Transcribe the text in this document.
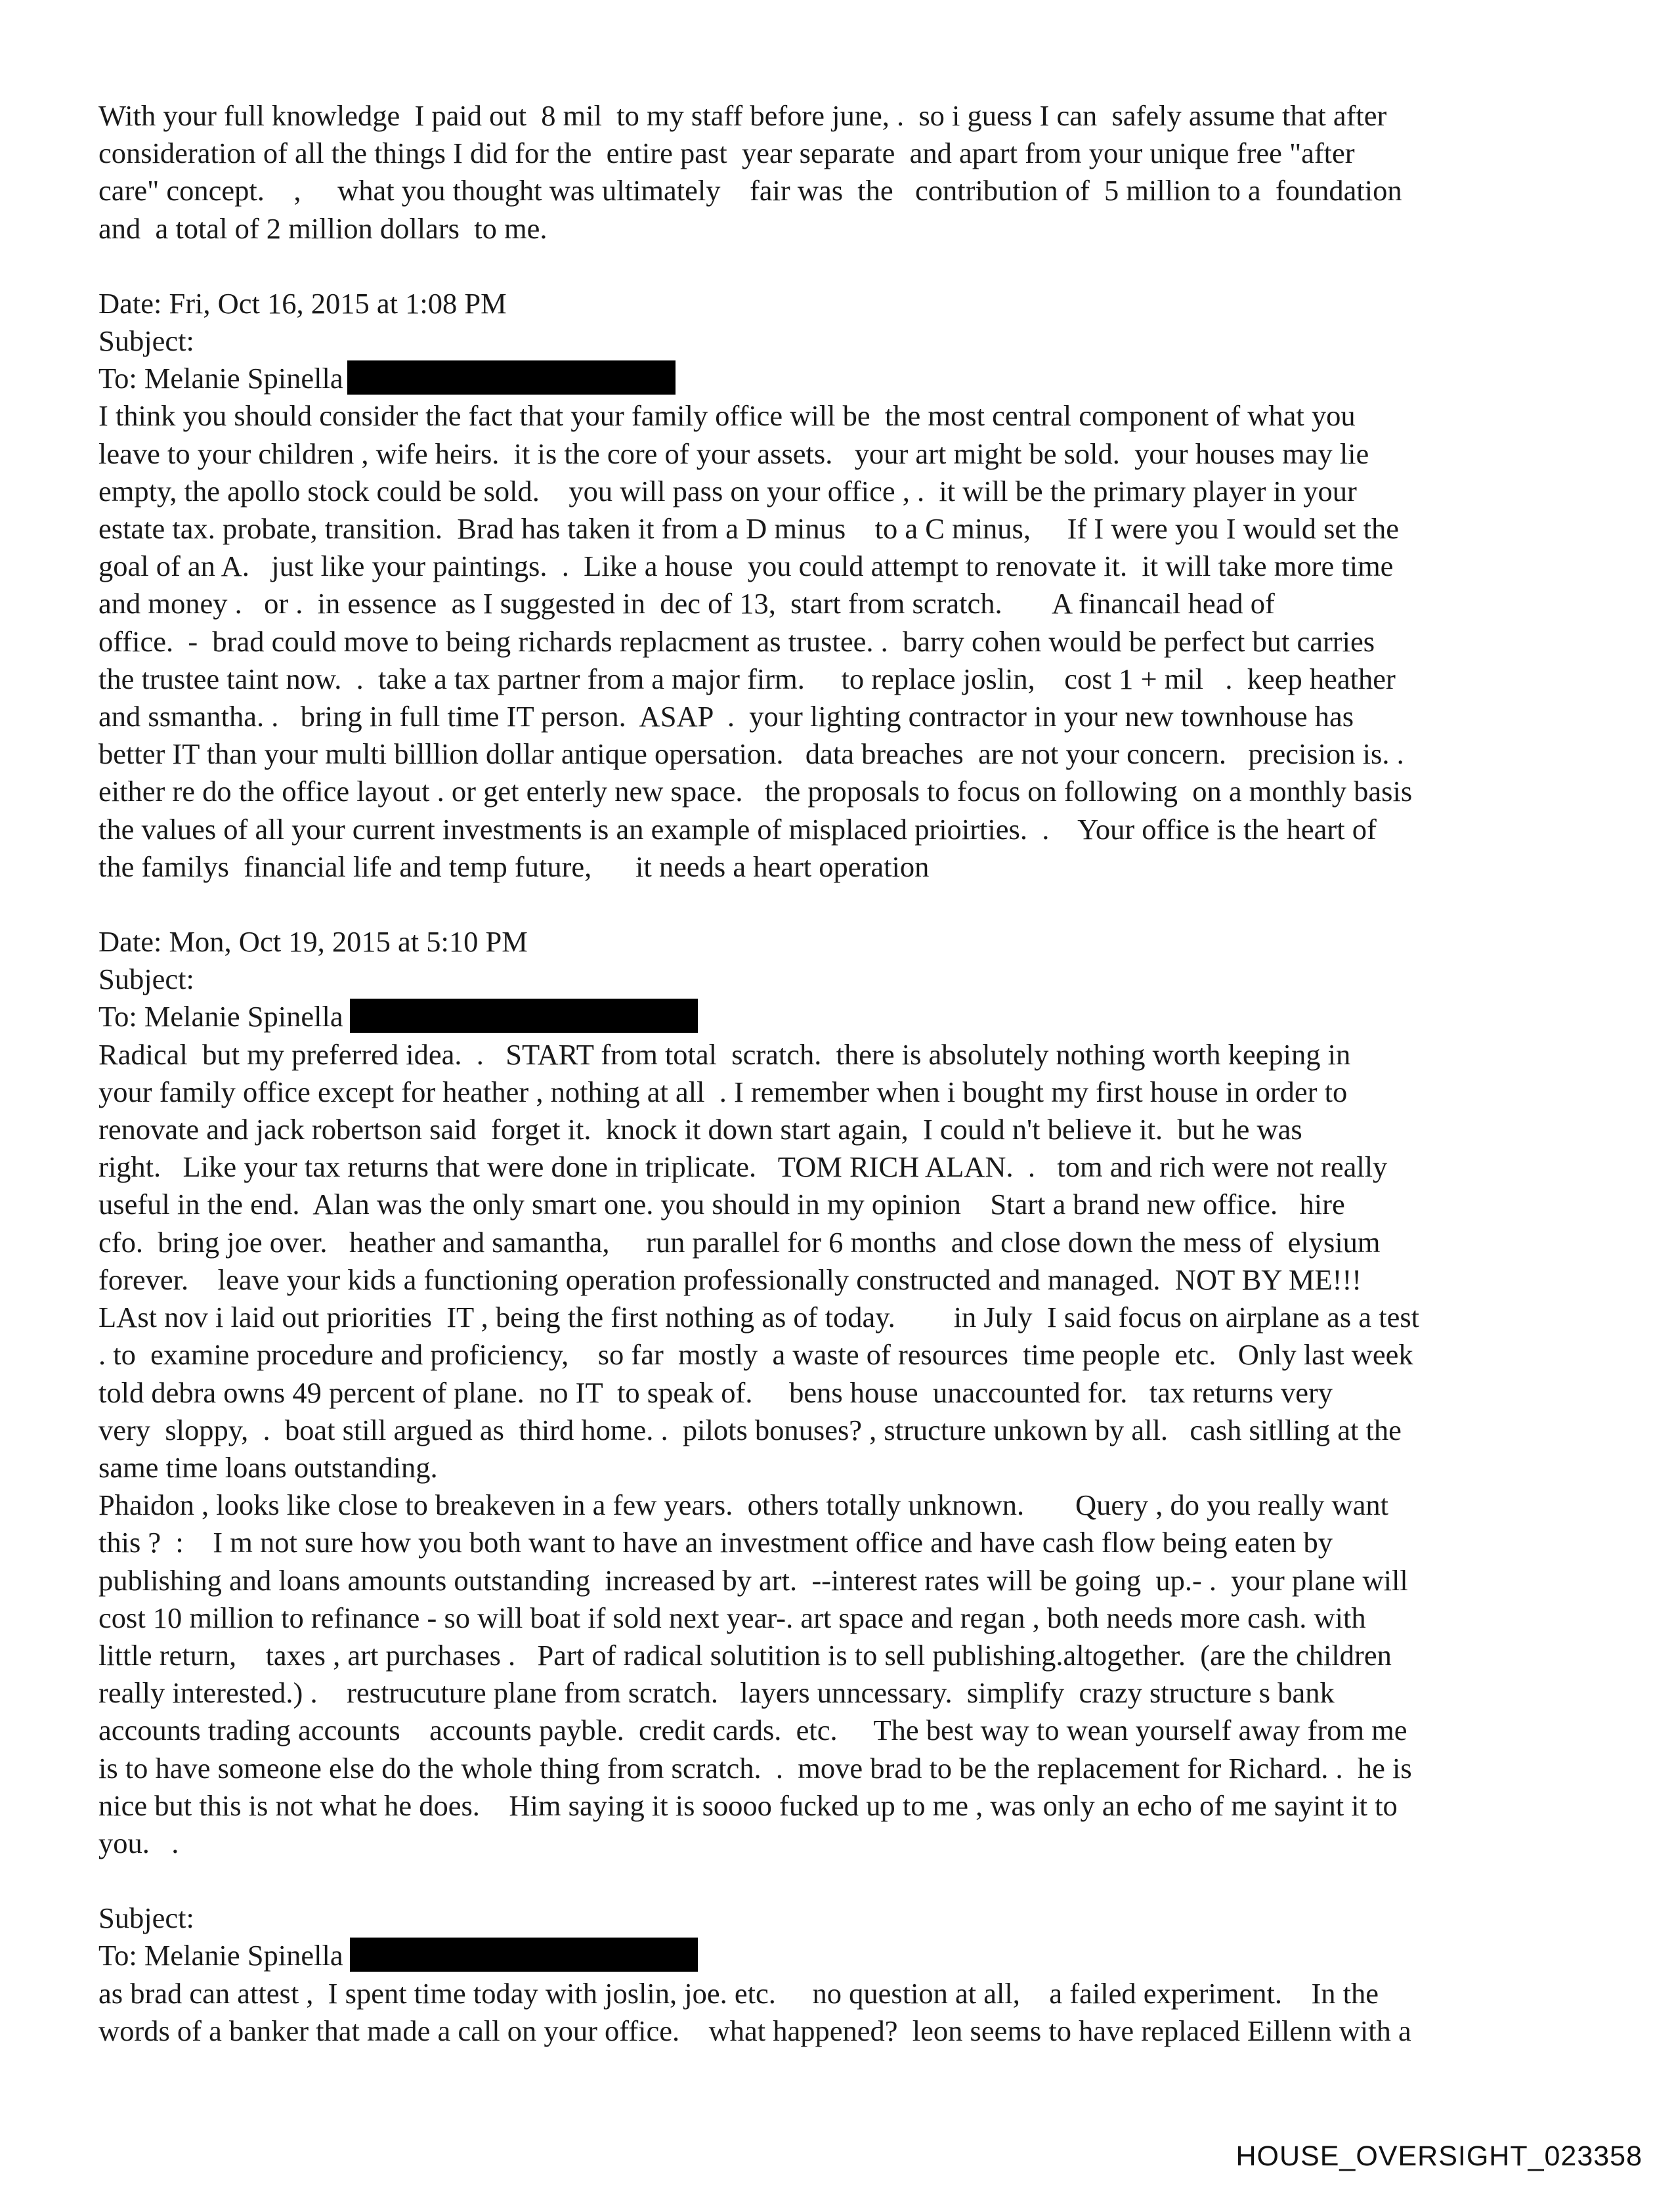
With your full knowledge  I paid out  8 mil  to my staff before june, .  so i guess I can  safely assume that after
consideration of all the things I did for the  entire past  year separate  and apart from your unique free "after
care" concept.    ,     what you thought was ultimately    fair was  the   contribution of  5 million to a  foundation
and  a total of 2 million dollars  to me.
Date: Fri, Oct 16, 2015 at 1:08 PM
Subject:
To: Melanie Spinella
I think you should consider the fact that your family office will be  the most central component of what you
leave to your children , wife heirs.  it is the core of your assets.   your art might be sold.  your houses may lie
empty, the apollo stock could be sold.    you will pass on your office , .  it will be the primary player in your
estate tax. probate, transition.  Brad has taken it from a D minus    to a C minus,     If I were you I would set the
goal of an A.   just like your paintings.  .  Like a house  you could attempt to renovate it.  it will take more time
and money .   or .  in essence  as I suggested in  dec of 13,  start from scratch.       A financail head of
office.  -  brad could move to being richards replacment as trustee. .  barry cohen would be perfect but carries
the trustee taint now.  .  take a tax partner from a major firm.     to replace joslin,    cost 1 + mil   .  keep heather
and ssmantha. .   bring in full time IT person.  ASAP  .  your lighting contractor in your new townhouse has
better IT than your multi billlion dollar antique opersation.   data breaches  are not your concern.   precision is. .
either re do the office layout . or get enterly new space.   the proposals to focus on following  on a monthly basis
the values of all your current investments is an example of misplaced prioirties.  .    Your office is the heart of
the familys  financial life and temp future,      it needs a heart operation
Date: Mon, Oct 19, 2015 at 5:10 PM
Subject:
To: Melanie Spinella
Radical  but my preferred idea.  .   START from total  scratch.  there is absolutely nothing worth keeping in
your family office except for heather , nothing at all  . I remember when i bought my first house in order to
renovate and jack robertson said  forget it.  knock it down start again,  I could n't believe it.  but he was
right.   Like your tax returns that were done in triplicate.   TOM RICH ALAN.  .   tom and rich were not really
useful in the end.  Alan was the only smart one. you should in my opinion    Start a brand new office.   hire
cfo.  bring joe over.   heather and samantha,     run parallel for 6 months  and close down the mess of  elysium
forever.    leave your kids a functioning operation professionally constructed and managed.  NOT BY ME!!!
LAst nov i laid out priorities  IT , being the first nothing as of today.        in July  I said focus on airplane as a test
. to  examine procedure and proficiency,    so far  mostly  a waste of resources  time people  etc.   Only last week
told debra owns 49 percent of plane.  no IT  to speak of.     bens house  unaccounted for.   tax returns very
very  sloppy,  .  boat still argued as  third home. .  pilots bonuses? , structure unkown by all.   cash sitlling at the
same time loans outstanding.
Phaidon , looks like close to breakeven in a few years.  others totally unknown.       Query , do you really want
this ?  :    I m not sure how you both want to have an investment office and have cash flow being eaten by
publishing and loans amounts outstanding  increased by art.  --interest rates will be going  up.- .  your plane will
cost 10 million to refinance - so will boat if sold next year-. art space and regan , both needs more cash. with
little return,    taxes , art purchases .   Part of radical solutition is to sell publishing.altogether.  (are the children
really interested.) .    restrucuture plane from scratch.   layers unncessary.  simplify  crazy structure s bank
accounts trading accounts    accounts payble.  credit cards.  etc.     The best way to wean yourself away from me
is to have someone else do the whole thing from scratch.  .  move brad to be the replacement for Richard. .  he is
nice but this is not what he does.    Him saying it is soooo fucked up to me , was only an echo of me sayint it to
you.   .
Subject:
To: Melanie Spinella
as brad can attest ,  I spent time today with joslin, joe. etc.     no question at all,    a failed experiment.    In the
words of a banker that made a call on your office.    what happened?  leon seems to have replaced Eillenn with a
HOUSE_OVERSIGHT_023358
